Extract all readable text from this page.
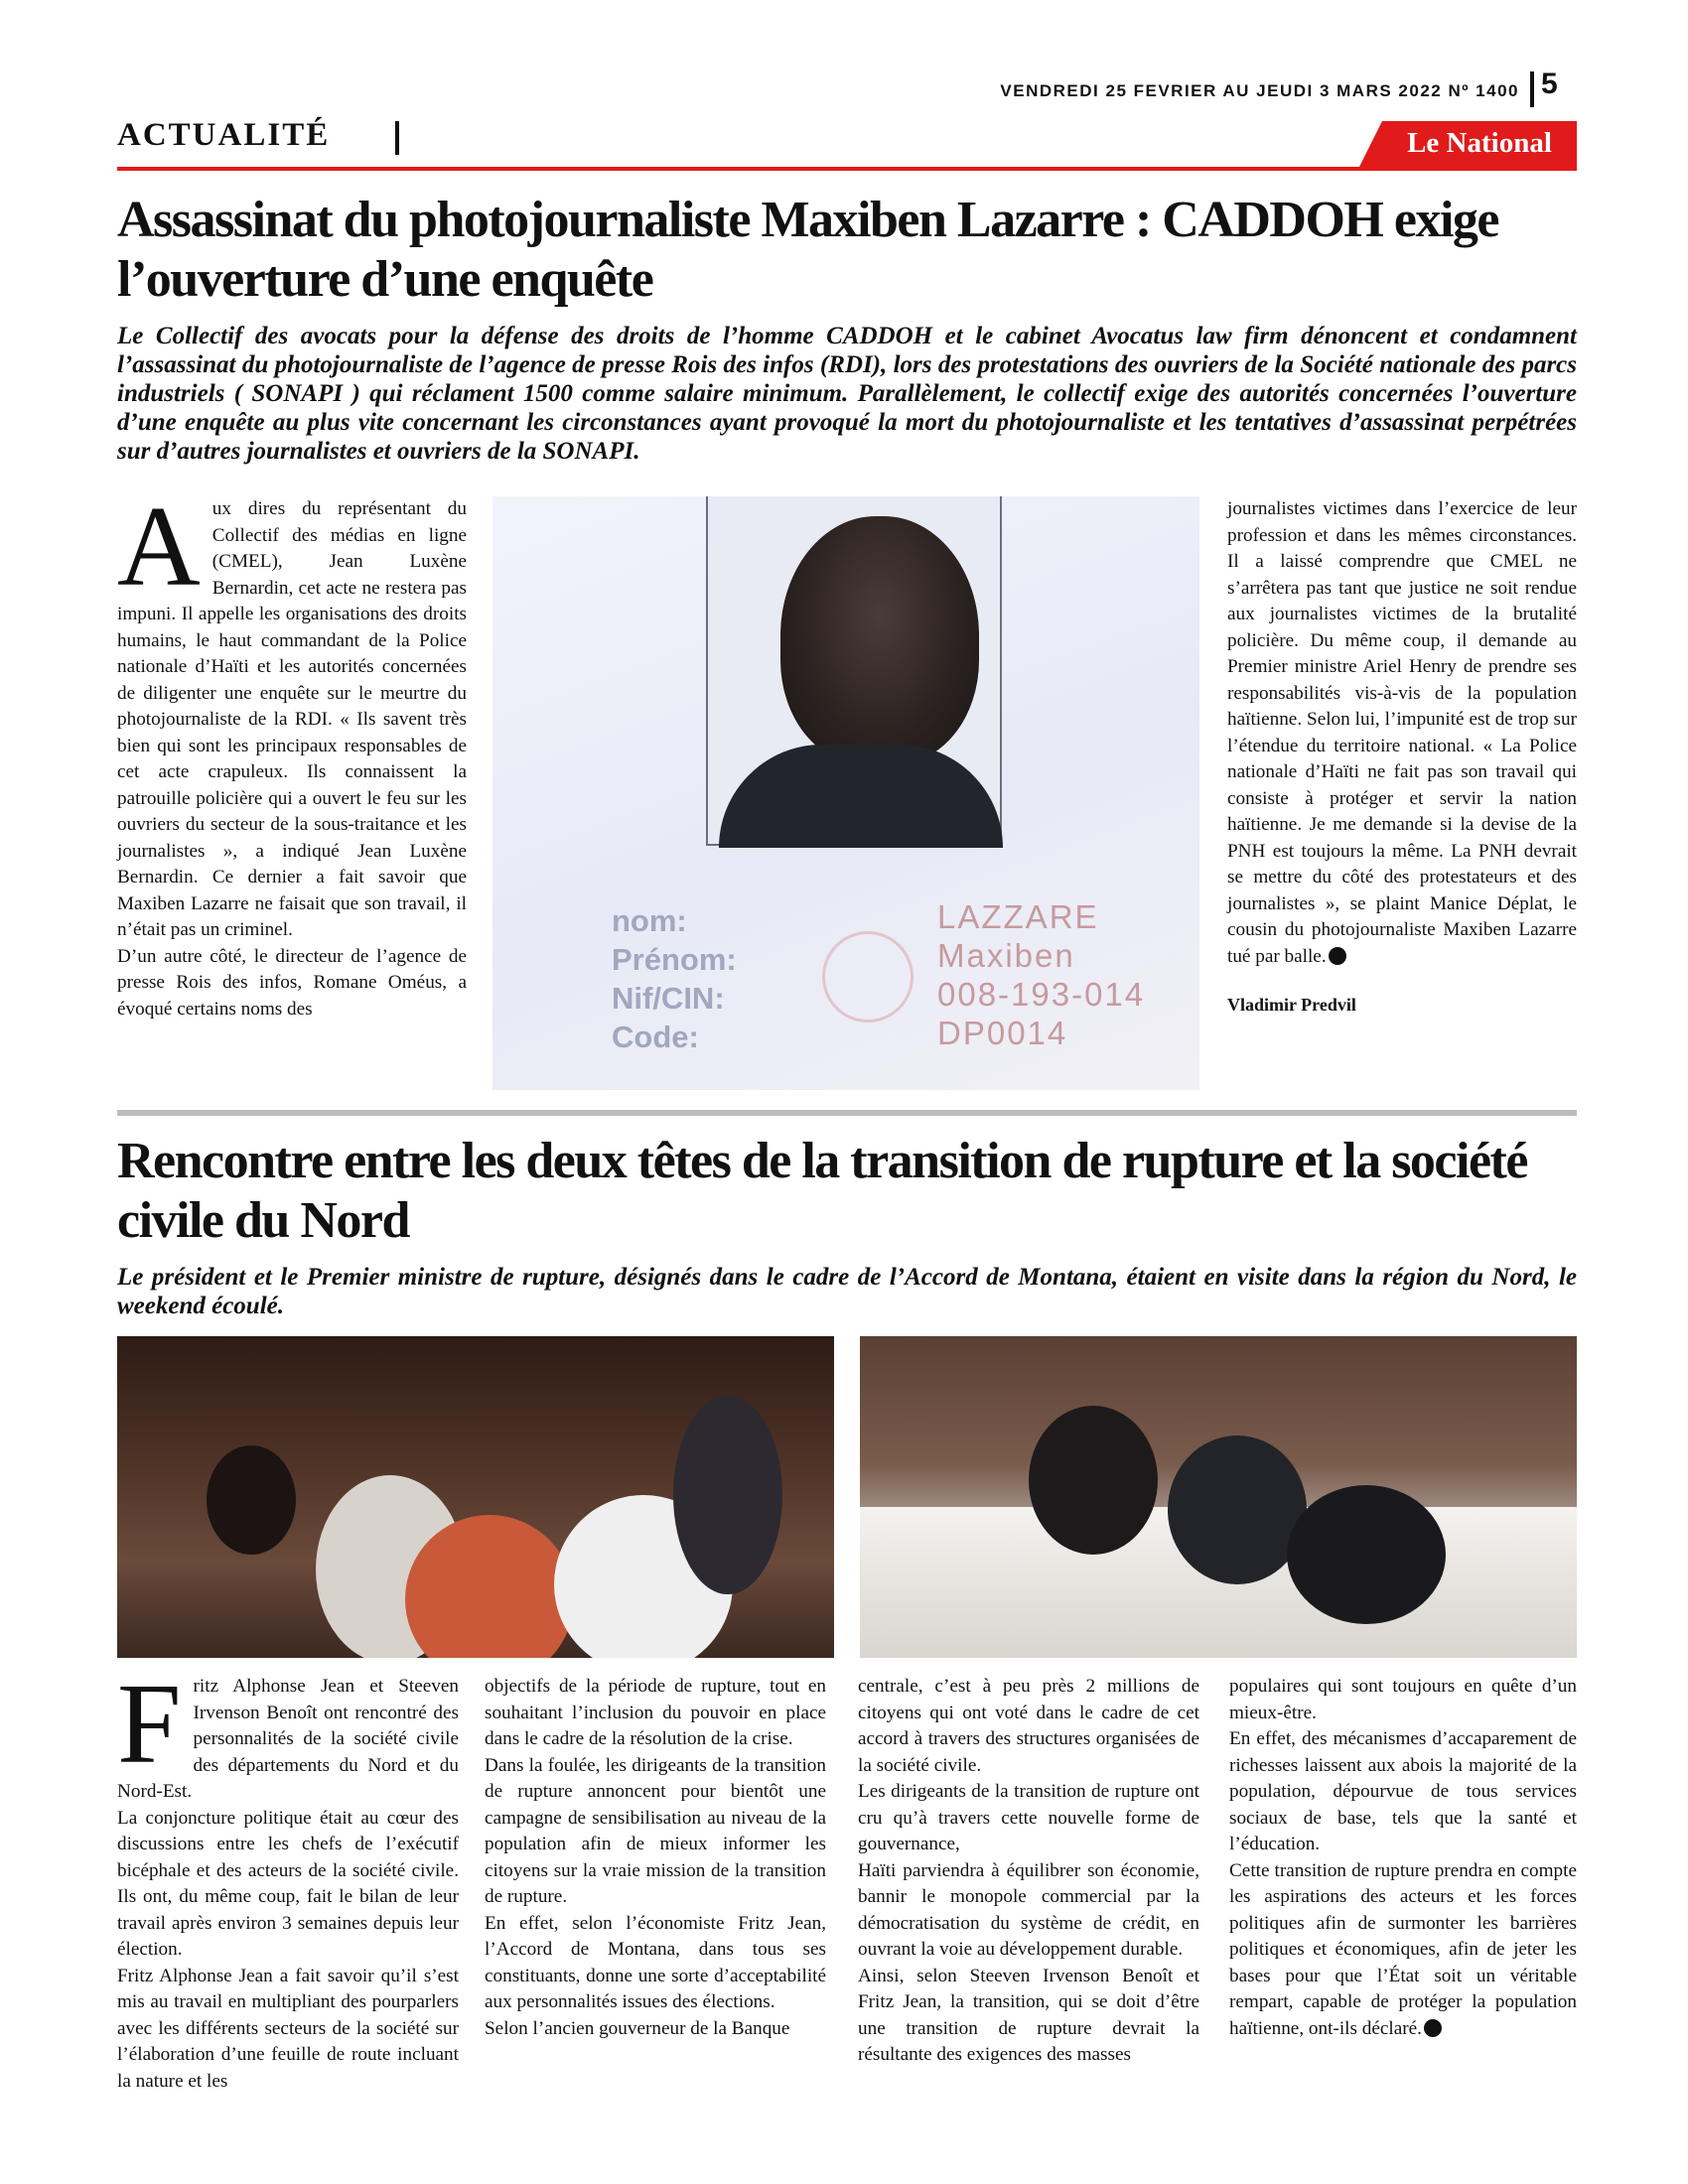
VENDREDI 25 FEVRIER AU JEUDI 3 MARS 2022 Nº 1400 5
ACTUALITÉ	Le National
Assassinat du photojournaliste Maxiben Lazarre : CADDOH exige l’ouverture d’une enquête

Le Collectif des avocats pour la défense des droits de l’homme CADDOH et le cabinet Avocatus law firm dénoncent et condamnent l’assassinat du photojournaliste de l’agence de presse Rois des infos (RDI), lors des protestations des ouvriers de la Société nationale des parcs industriels ( SONAPI ) qui réclament 1500 comme salaire minimum. Parallèlement, le collectif exige des autorités concernées l’ouverture d’une enquête au plus vite concernant les circonstances ayant provoqué la mort du photojournaliste et les tentatives d’assassinat perpétrées sur d’autres journalistes et ouvriers de la SONAPI.

A ux dires du représentant du Collectif des médias en ligne (CMEL), Jean Luxène Bernardin, cet acte ne restera pas impuni. Il appelle les organisations des droits humains, le haut commandant de la Police nationale d’Haïti et les autorités concernées de diligenter une enquête sur le meurtre du photojournaliste de la RDI. « Ils savent très bien qui sont les principaux responsables de cet acte crapuleux. Ils connaissent la patrouille policière qui a ouvert le feu sur les ouvriers du secteur de la sous-traitance et les journalistes », a indiqué Jean Luxène Bernardin. Ce dernier a fait savoir que Maxiben Lazarre ne faisait que son travail, il n’était pas un criminel.

D’un autre côté, le directeur de l’agence de presse Rois des infos, Romane Oméus, a évoqué certains noms des

nom:
Prénom:
Nif/CIN:
Code:
LAZZARE
Maxiben
008-193-014
DP0014

journalistes victimes dans l’exercice de leur profession et dans les mêmes circonstances. Il a laissé comprendre que CMEL ne s’arrêtera pas tant que justice ne soit rendue aux journalistes victimes de la brutalité policière. Du même coup, il demande au Premier ministre Ariel Henry de prendre ses responsabilités vis-à-vis de la population haïtienne. Selon lui, l’impunité est de trop sur l’étendue du territoire national. « La Police nationale d’Haïti ne fait pas son travail qui consiste à protéger et servir la nation haïtienne. Je me demande si la devise de la PNH est toujours la même. La PNH devrait se mettre du côté des protestateurs et des journalistes », se plaint Manice Déplat, le cousin du photojournaliste Maxiben Lazarre tué par balle.

Vladimir Predvil

Rencontre entre les deux têtes de la transition de rupture et la société civile du Nord

Le président et le Premier ministre de rupture, désignés dans le cadre de l’Accord de Montana, étaient en visite dans la région du Nord, le weekend écoulé.

F ritz Alphonse Jean et Steeven Irvenson Benoît ont rencontré des personnalités de la société civile des départements du Nord et du Nord-Est.

La conjoncture politique était au cœur des discussions entre les chefs de l’exécutif bicéphale et des acteurs de la société civile. Ils ont, du même coup, fait le bilan de leur travail après environ 3 semaines depuis leur élection.

Fritz Alphonse Jean a fait savoir qu’il s’est mis au travail en multipliant des pourparlers avec les différents secteurs de la société sur l’élaboration d’une feuille de route incluant la nature et les

objectifs de la période de rupture, tout en souhaitant l’inclusion du pouvoir en place dans le cadre de la résolution de la crise.

Dans la foulée, les dirigeants de la transition de rupture annoncent pour bientôt une campagne de sensibilisation au niveau de la population afin de mieux informer les citoyens sur la vraie mission de la transition de rupture.

En effet, selon l’économiste Fritz Jean, l’Accord de Montana, dans tous ses constituants, donne une sorte d’acceptabilité aux personnalités issues des élections.

Selon l’ancien gouverneur de la Banque

centrale, c’est à peu près 2 millions de citoyens qui ont voté dans le cadre de cet accord à travers des structures organisées de la société civile.

Les dirigeants de la transition de rupture ont cru qu’à travers cette nouvelle forme de gouvernance,

Haïti parviendra à équilibrer son économie, bannir le monopole commercial par la démocratisation du système de crédit, en ouvrant la voie au développement durable.

Ainsi, selon Steeven Irvenson Benoît et Fritz Jean, la transition, qui se doit d’être une transition de rupture devrait la résultante des exigences des masses

populaires qui sont toujours en quête d’un mieux-être.

En effet, des mécanismes d’accaparement de richesses laissent aux abois la majorité de la population, dépourvue de tous services sociaux de base, tels que la santé et l’éducation.

Cette transition de rupture prendra en compte les aspirations des acteurs et les forces politiques afin de surmonter les barrières politiques et économiques, afin de jeter les bases pour que l’État soit un véritable rempart, capable de protéger la population haïtienne, ont-ils déclaré.
